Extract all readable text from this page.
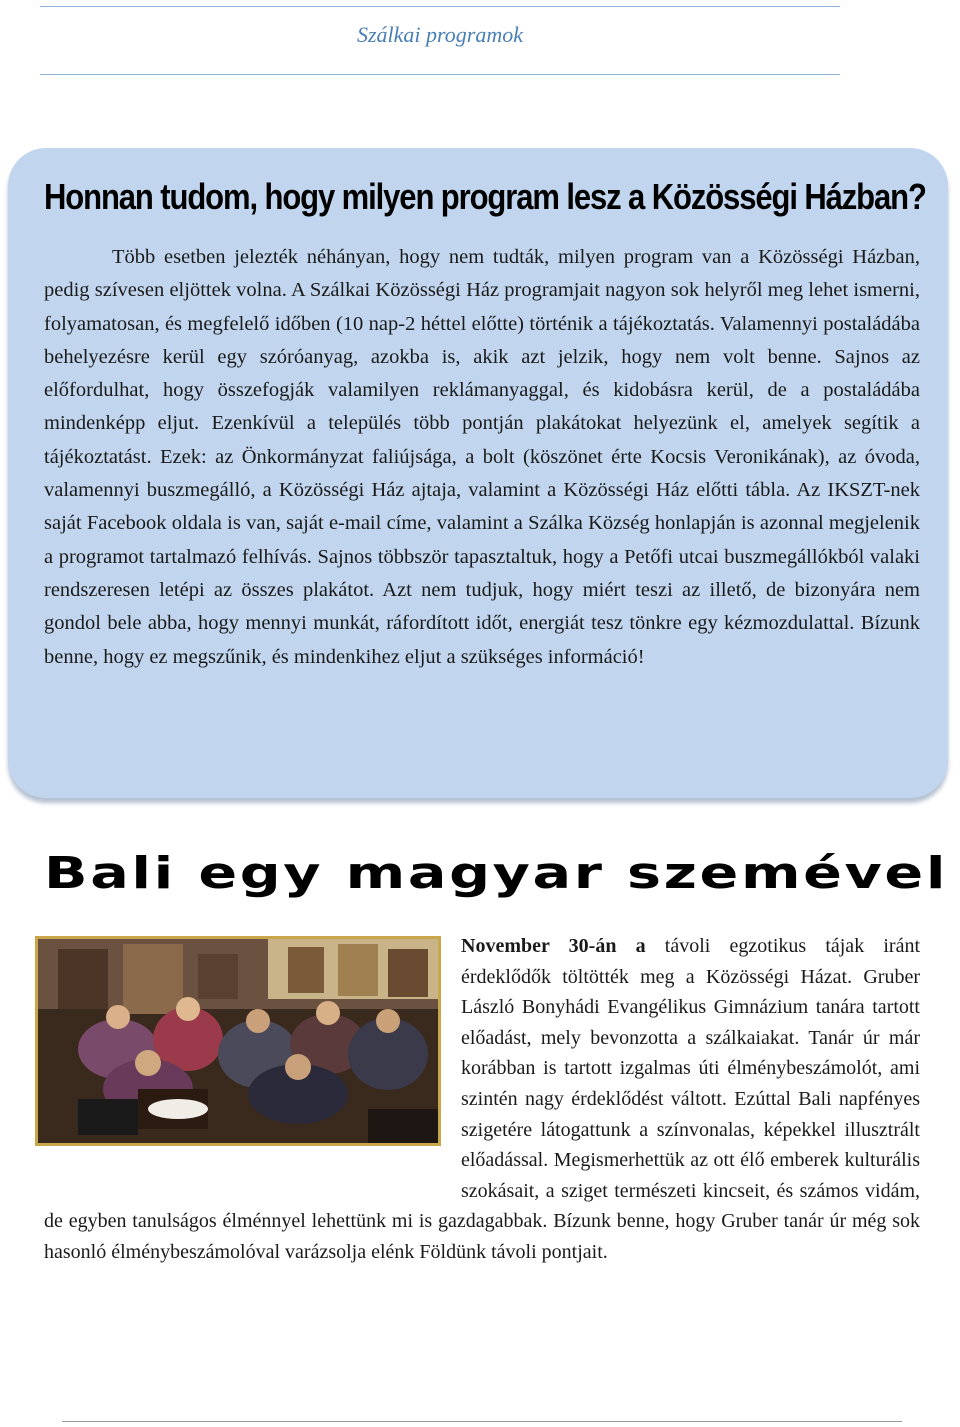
Szálkai programok
Honnan tudom, hogy milyen program lesz a Közösségi Házban?

Több esetben jelezték néhányan, hogy nem tudták, milyen program van a Közösségi Házban, pedig szívesen eljöttek volna. A Szálkai Közösségi Ház programjait nagyon sok helyről meg lehet ismerni, folyamatosan, és megfelelő időben (10 nap-2 héttel előtte) történik a tájékoztatás. Valamennyi postaládába behelyezésre kerül egy szóróanyag, azokba is, akik azt jelzik, hogy nem volt benne. Sajnos az előfordulhat, hogy összefogják valamilyen reklámanyaggal, és kidobásra kerül, de a postaládába mindenképp eljut. Ezenkívül a település több pontján plakátokat helyezünk el, amelyek segítik a tájékoztatást. Ezek: az Önkormányzat faliújsága, a bolt (köszönet érte Kocsis Veronikának), az óvoda, valamennyi buszmegálló, a Közösségi Ház ajtaja, valamint a Közösségi Ház előtti tábla. Az IKSZT-nek saját Facebook oldala is van, saját e-mail címe, valamint a Szálka Község honlapján is azonnal megjelenik a programot tartalmazó felhívás. Sajnos többször tapasztaltuk, hogy a Petőfi utcai buszmegállókból valaki rendszeresen letépi az összes plakátot. Azt nem tudjuk, hogy miért teszi az illető, de bizonyára nem gondol bele abba, hogy mennyi munkát, ráfordított időt, energiát tesz tönkre egy kézmozdulattal. Bízunk benne, hogy ez megszűnik, és mindenkihez eljut a szükséges információ!

Bali egy magyar szemével

November 30-án a távoli egzotikus tájak iránt érdeklődők töltötték meg a Közösségi Házat. Gruber László Bonyhádi Evangélikus Gimnázium tanára tartott előadást, mely bevonzotta a szálkaiakat. Tanár úr már korábban is tartott izgalmas úti élménybeszámolót, ami szintén nagy érdeklődést váltott. Ezúttal Bali napfényes szigetére látogattunk a színvonalas, képekkel illusztrált előadással. Megismerhettük az ott élő emberek kulturális szokásait, a sziget természeti kincseit, és számos vidám, de egyben tanulságos élménnyel lehettünk mi is gazdagabbak. Bízunk benne, hogy Gruber tanár úr még sok hasonló élménybeszámolóval varázsolja elénk Földünk távoli pontjait.
